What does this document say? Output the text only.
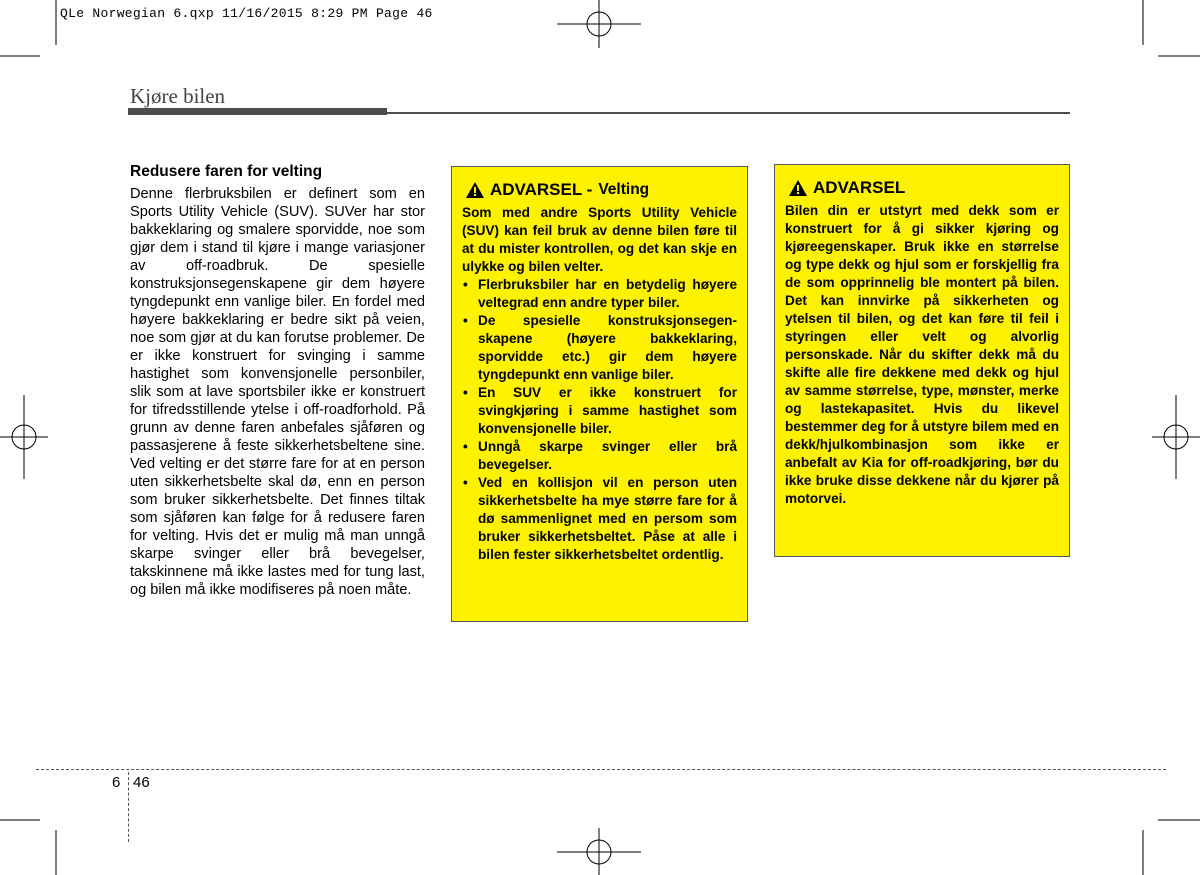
QLe Norwegian 6.qxp 11/16/2015 8:29 PM Page 46
Kjøre bilen
Redusere faren for velting
Denne flerbruksbilen er definert som en Sports Utility Vehicle (SUV). SUVer har stor bakkeklaring og smalere sporvidde, noe som gjør dem i stand til kjøre i mange variasjoner av off-roadbruk. De spesielle konstruksjonsegenskapene gir dem høyere tyngdepunkt enn vanlige biler. En fordel med høyere bakkeklaring er bedre sikt på veien, noe som gjør at du kan forutse problemer. De er ikke konstruert for svinging i samme hastighet som konvensjonelle personbiler, slik som at lave sportsbiler ikke er konstruert for tifredsstillende ytelse i off-roadforhold. På grunn av denne faren anbefales sjåføren og passasjerene å feste sikkerhetsbeltene sine. Ved velting er det større fare for at en person uten sikkerhetsbelte skal dø, enn en person som bruker sikkerhetsbelte. Det finnes tiltak som sjåføren kan følge for å redusere faren for velting. Hvis det er mulig må man unngå skarpe svinger eller brå bevegelser, takskinnene må ikke lastes med for tung last, og bilen må ikke modifiseres på noen måte.
ADVARSEL - Velting
Som med andre Sports Utility Vehicle (SUV) kan feil bruk av denne bilen føre til at du mister kontrollen, og det kan skje en ulykke og bilen velter.
• Flerbruksbiler har en betydelig høyere veltegrad enn andre typer biler.
• De spesielle konstruksjonsegen-skapene (høyere bakkeklaring, sporvidde etc.) gir dem høyere tyngdepunkt enn vanlige biler.
• En SUV er ikke konstruert for svingkjøring i samme hastighet som konvensjonelle biler.
• Unngå skarpe svinger eller brå bevegelser.
• Ved en kollisjon vil en person uten sikkerhetsbelte ha mye større fare for å dø sammenlignet med en persom som bruker sikkerhetsbeltet. Påse at alle i bilen fester sikkerhetsbeltet ordentlig.
ADVARSEL
Bilen din er utstyrt med dekk som er konstruert for å gi sikker kjøring og kjøreegenskaper. Bruk ikke en størrelse og type dekk og hjul som er forskjellig fra de som opprinnelig ble montert på bilen. Det kan innvirke på sikkerheten og ytelsen til bilen, og det kan føre til feil i styringen eller velt og alvorlig personskade. Når du skifter dekk må du skifte alle fire dekkene med dekk og hjul av samme størrelse, type, mønster, merke og lastekapasitet. Hvis du likevel bestemmer deg for å utstyre bilem med en dekk/hjulkombinasjon som ikke er anbefalt av Kia for off-roadkjøring, bør du ikke bruke disse dekkene når du kjører på motorvei.
6 46
